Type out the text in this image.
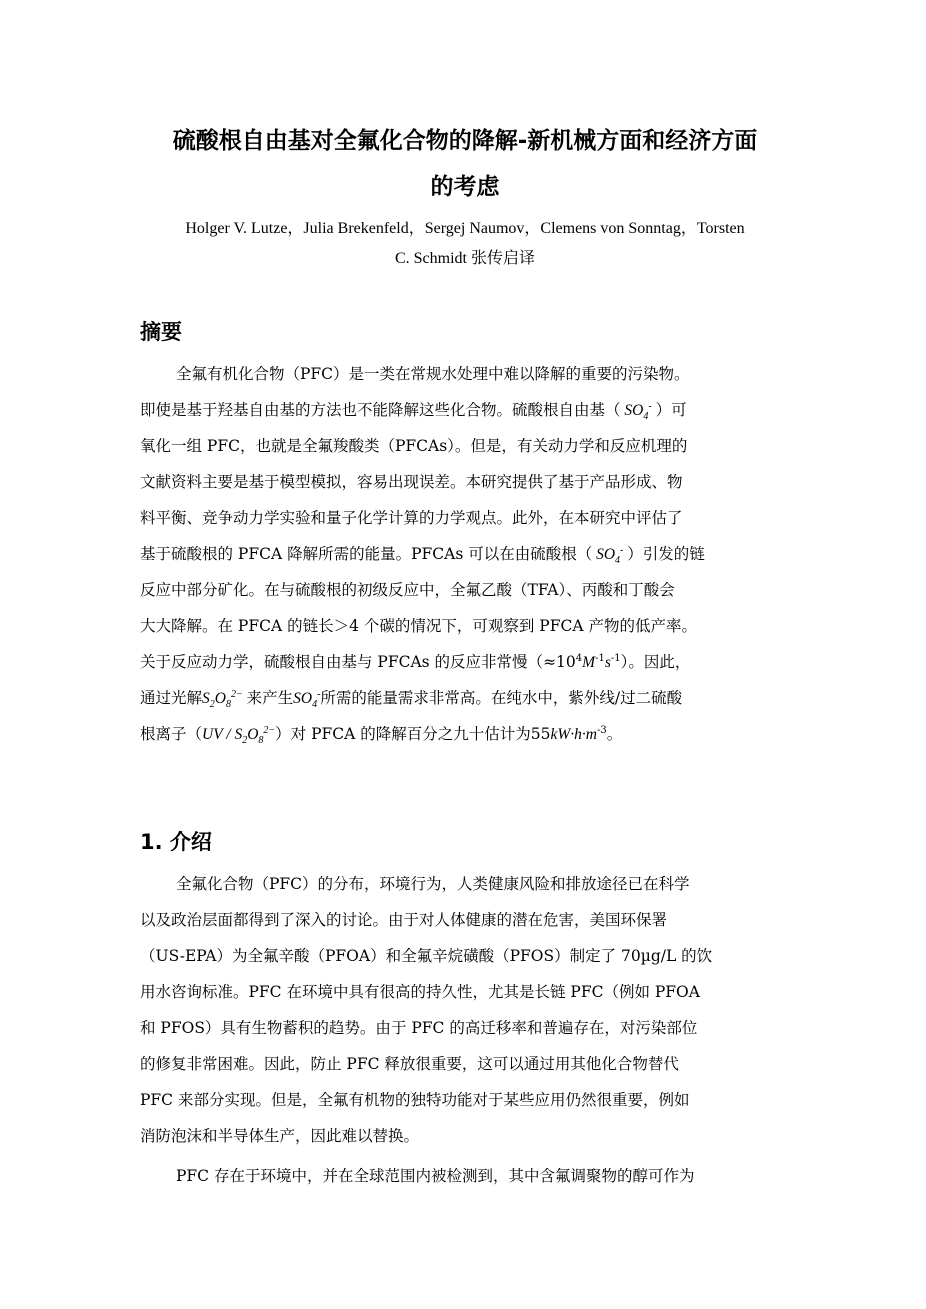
硫酸根自由基对全氟化合物的降解-新机械方面和经济方面
的考虑
Holger V. Lutze，Julia Brekenfeld，Sergej Naumov，Clemens von Sonntag，Torsten
C. Schmidt 张传启译
摘要
全氟有机化合物（PFC）是一类在常规水处理中难以降解的重要的污染物。
即使是基于羟基自由基的方法也不能降解这些化合物。硫酸根自由基（ $SO_4^-$ ）可
氧化一组 PFC，也就是全氟羧酸类（PFCAs）。但是，有关动力学和反应机理的
文献资料主要是基于模型模拟，容易出现误差。本研究提供了基于产品形成、物
料平衡、竞争动力学实验和量子化学计算的力学观点。此外，在本研究中评估了
基于硫酸根的 PFCA 降解所需的能量。PFCAs 可以在由硫酸根（ $SO_4^-$ ）引发的链
反应中部分矿化。在与硫酸根的初级反应中，全氟乙酸（TFA）、丙酸和丁酸会
大大降解。在 PFCA 的链长＞4 个碳的情况下，可观察到 PFCA 产物的低产率。
关于反应动力学，硫酸根自由基与 PFCAs 的反应非常慢$(\approx 10^4M^{-1}s^{-1})$。因此，
通过光解$S_2O_8^{2-}$ 来产生$SO_4^-$所需的能量需求非常高。在纯水中，紫外线/过二硫酸
根离子$(UV / S_2O_8^{2-})$对 PFCA 的降解百分之九十估计为$55kW\cdot h\cdot m^{-3}$。
1. 介绍
全氟化合物（PFC）的分布，环境行为，人类健康风险和排放途径已在科学
以及政治层面都得到了深入的讨论。由于对人体健康的潜在危害，美国环保署
（US-EPA）为全氟辛酸（PFOA）和全氟辛烷磺酸（PFOS）制定了 70µg/L 的饮
用水咨询标准。PFC 在环境中具有很高的持久性，尤其是长链 PFC（例如 PFOA
和 PFOS）具有生物蓄积的趋势。由于 PFC 的高迁移率和普遍存在，对污染部位
的修复非常困难。因此，防止 PFC 释放很重要，这可以通过用其他化合物替代
PFC 来部分实现。但是，全氟有机物的独特功能对于某些应用仍然很重要，例如
消防泡沫和半导体生产，因此难以替换。
PFC 存在于环境中，并在全球范围内被检测到，其中含氟调聚物的醇可作为
